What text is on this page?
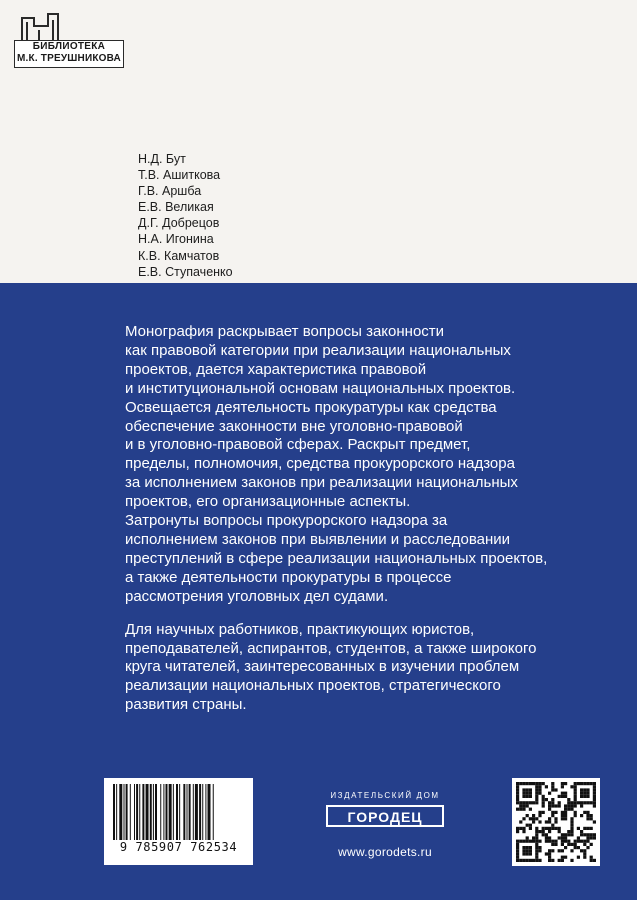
БИБЛИОТЕКА
М.К. ТРЕУШНИКОВА
Н.Д. Бут
Т.В. Ашиткова
Г.В. Аршба
Е.В. Великая
Д.Г. Добрецов
Н.А. Игонина
К.В. Камчатов
Е.В. Ступаченко

Монография раскрывает вопросы законности
как правовой категории при реализации национальных
проектов, дается характеристика правовой
и институциональной основам национальных проектов.
Освещается деятельность прокуратуры как средства
обеспечение законности вне уголовно-правовой
и в уголовно-правовой сферах. Раскрыт предмет,
пределы, полномочия, средства прокурорского надзора
за исполнением законов при реализации национальных
проектов, его организационные аспекты.
Затронуты вопросы прокурорского надзора за
исполнением законов при выявлении и расследовании
преступлений в сфере реализации национальных проектов,
а также деятельности прокуратуры в процессе
рассмотрения уголовных дел судами.

Для научных работников, практикующих юристов,
преподавателей, аспирантов, студентов, а также широкого
круга читателей, заинтересованных в изучении проблем
реализации национальных проектов, стратегического
развития страны.

9 785907 762534
ИЗДАТЕЛЬСКИЙ ДОМ
ГОРОДЕЦ
www.gorodets.ru
